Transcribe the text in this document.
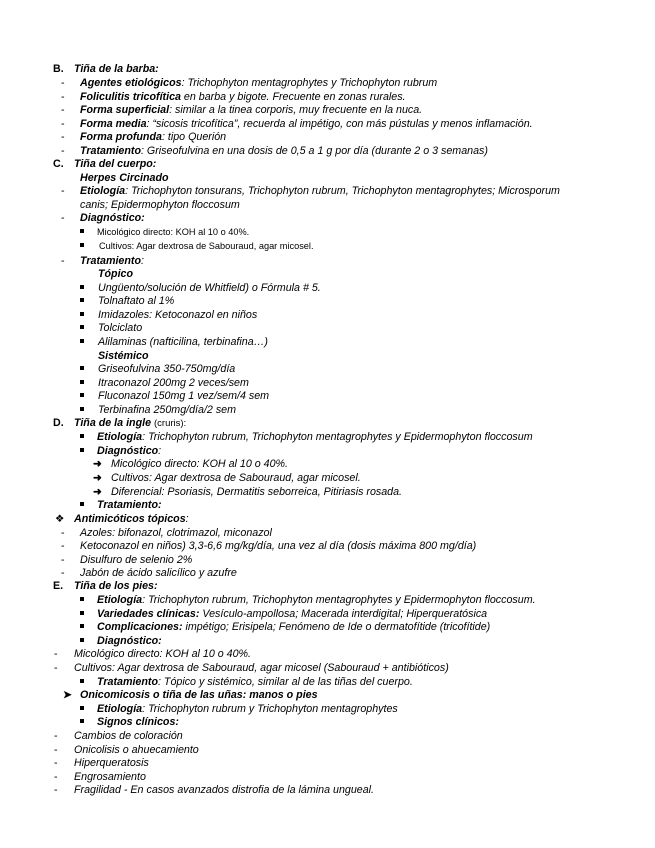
B. Tiña de la barba:
- Agentes etiológicos: Trichophyton mentagrophytes y Trichophyton rubrum
- Foliculitis tricofítica en barba y bigote. Frecuente en zonas rurales.
- Forma superficial: similar a la tinea corporis, muy frecuente en la nuca.
- Forma media: “sicosis tricofítica”, recuerda al impétigo, con más pústulas y menos inflamación.
- Forma profunda: tipo Querión
- Tratamiento: Griseofulvina en una dosis de 0,5 a 1 g por día (durante 2 o 3 semanas)
C. Tiña del cuerpo:
Herpes Circinado
- Etiología: Trichophyton tonsurans, Trichophyton rubrum, Trichophyton mentagrophytes; Microsporum
canis; Epidermophyton floccosum
- Diagnóstico:
Micológico directo: KOH al 10 o 40%.
Cultivos: Agar dextrosa de Sabouraud, agar micosel.
- Tratamiento:
Tópico
Ungüento/solución de Whitfield) o Fórmula # 5.
Tolnaftato al 1%
Imidazoles: Ketoconazol en niños
Tolciclato
Alilaminas (nafticilina, terbinafina…)
Sistémico
Griseofulvina 350-750mg/día
Itraconazol 200mg 2 veces/sem
Fluconazol 150mg 1 vez/sem/4 sem
Terbinafina 250mg/día/2 sem
D. Tiña de la ingle (cruris):
Etiología: Trichophyton rubrum, Trichophyton mentagrophytes y Epidermophyton floccosum
Diagnóstico:
➜ Micológico directo: KOH al 10 o 40%.
➜ Cultivos: Agar dextrosa de Sabouraud, agar micosel.
➜ Diferencial: Psoriasis, Dermatitis seborreica, Pitiriasis rosada.
Tratamiento:
❖ Antimicóticos tópicos:
- Azoles: bifonazol, clotrimazol, miconazol
- Ketoconazol en niños) 3,3-6,6 mg/kg/día, una vez al día (dosis máxima 800 mg/día)
- Disulfuro de selenio 2%
- Jabón de ácido salicílico y azufre
E. Tiña de los pies:
Etiología: Trichophyton rubrum, Trichophyton mentagrophytes y Epidermophyton floccosum.
Variedades clínicas: Vesículo-ampollosa; Macerada interdigital; Hiperqueratósica
Complicaciones: impétigo; Erisipela; Fenómeno de Ide o dermatofítide (tricofítide)
Diagnóstico:
- Micológico directo: KOH al 10 o 40%.
- Cultivos: Agar dextrosa de Sabouraud, agar micosel (Sabouraud + antibióticos)
Tratamiento: Tópico y sistémico, similar al de las tiñas del cuerpo.
➤ Onicomicosis o tiña de las uñas: manos o pies
Etiología: Trichophyton rubrum y Trichophyton mentagrophytes
Signos clínicos:
- Cambios de coloración
- Onicolisis o ahuecamiento
- Hiperqueratosis
- Engrosamiento
- Fragilidad - En casos avanzados distrofia de la lámina ungueal.
